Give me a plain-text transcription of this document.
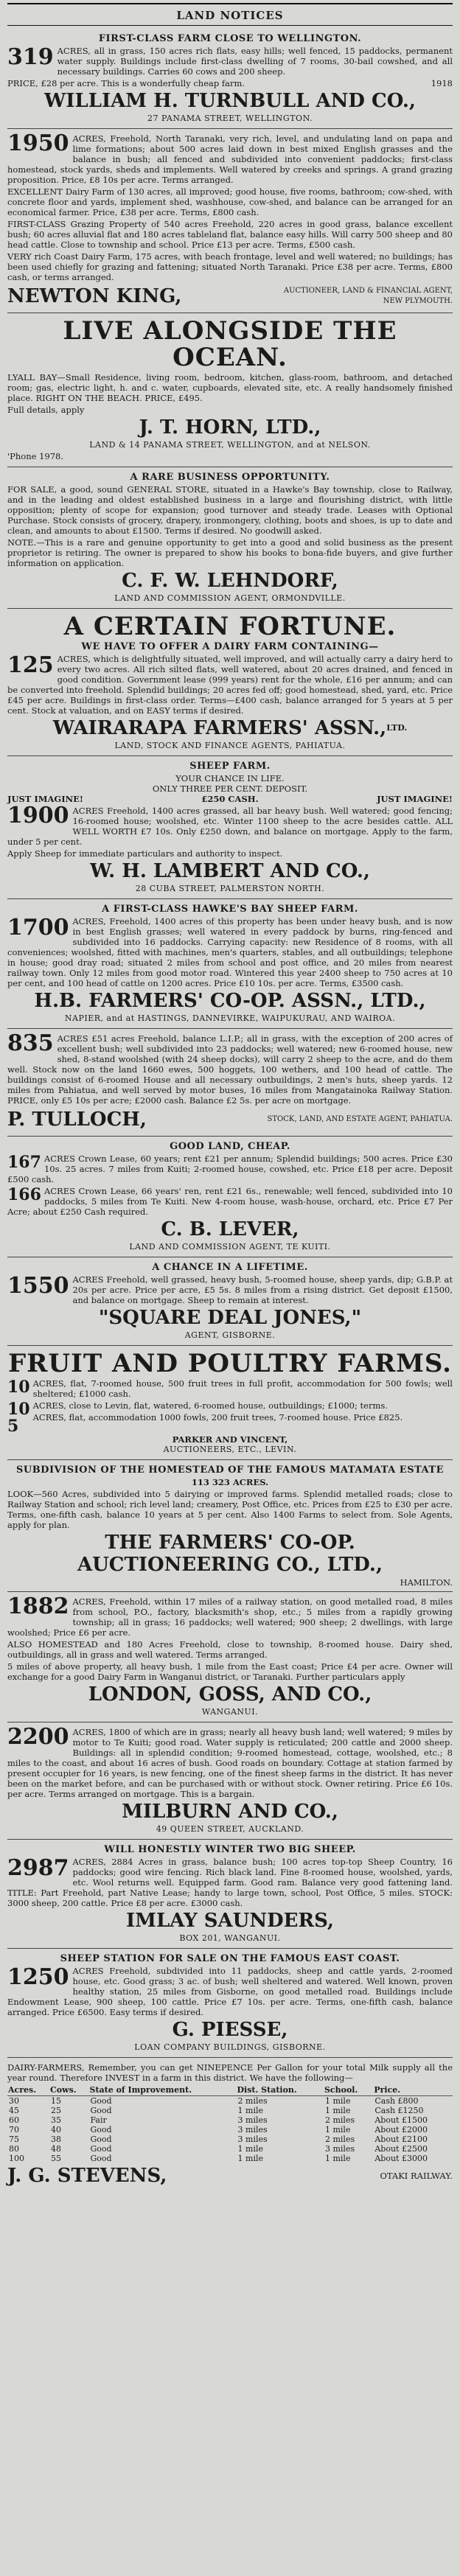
LAND NOTICES
FIRST-CLASS FARM CLOSE TO WELLINGTON.
319 ACRES, all in grass, 150 acres rich flats, easy hills; well fenced, 15 paddocks, permanent water supply. Buildings include first-class dwelling of 7 rooms, 30-bail cowshed, and all necessary buildings. Carries 60 cows and 200 sheep.
PRICE, £28 per acre. This is a wonderfully cheap farm.	1918
WILLIAM H. TURNBULL AND CO.,
27 PANAMA STREET, WELLINGTON.
1950 ACRES, Freehold, North Taranaki, very rich, level, and undulating land on papa and lime formations; about 500 acres laid down in best mixed English grasses and the balance in bush; all fenced and subdivided into convenient paddocks; first-class homestead, stock yards, sheds and implements. Well watered by creeks and springs. A grand grazing proposition. Price, £8 10s per acre. Terms arranged.
EXCELLENT Dairy Farm of 130 acres, all improved; good house, five rooms, bathroom; cow-shed, with concrete floor and yards, implement shed, washhouse, cow-shed, and balance can be arranged for an economical farmer. Price, £38 per acre. Terms, £800 cash.
FIRST-CLASS Grazing Property of 540 acres Freehold, 220 acres in good grass, balance excellent bush; 60 acres alluvial flat and 180 acres tableland flat, balance easy hills. Will carry 500 sheep and 80 head cattle. Close to township and school. Price £13 per acre. Terms, £500 cash.
VERY rich Coast Dairy Farm, 175 acres, with beach frontage, level and well watered; no buildings; has been used chiefly for grazing and fattening; situated North Taranaki. Price £38 per acre. Terms, £800 cash, or terms arranged.
NEWTON KING,	AUCTIONEER, LAND & FINANCIAL AGENT, NEW PLYMOUTH.
LIVE ALONGSIDE THE OCEAN.
LYALL BAY—Small Residence, living room, bedroom, kitchen, glass-room, bathroom, and detached room; gas, electric light, h. and c. water, cupboards, elevated site, etc. A really handsomely finished place. RIGHT ON THE BEACH. PRICE, £495.
Full details, apply
J. T. HORN, LTD.,
LAND & 14 PANAMA STREET, WELLINGTON, and at NELSON.
'Phone 1978.
A RARE BUSINESS OPPORTUNITY.
FOR SALE, a good, sound GENERAL STORE, situated in a Hawke's Bay township, close to Railway, and in the leading and oldest established business in a large and flourishing district, with little opposition; plenty of scope for expansion; good turnover and steady trade. Leases with Optional Purchase. Stock consists of grocery, drapery, ironmongery, clothing, boots and shoes, is up to date and clean, and amounts to about £1500. Terms if desired. No goodwill asked.
NOTE.—This is a rare and genuine opportunity to get into a good and solid business as the present proprietor is retiring. The owner is prepared to show his books to bona-fide buyers, and give further information on application.
C. F. W. LEHNDORF,
LAND AND COMMISSION AGENT, ORMONDVILLE.
A CERTAIN FORTUNE.
WE HAVE TO OFFER A DAIRY FARM CONTAINING—
125 ACRES, which is delightfully situated, well improved, and will actually carry a dairy herd to every two acres. All rich silted flats, well watered, about 20 acres drained, and fenced in good condition. Government lease (999 years) rent for the whole, £16 per annum; and can be converted into freehold. Splendid buildings; 20 acres fed off; good homestead, shed, yard, etc. Price £45 per acre. Buildings in first-class order. Terms—£400 cash, balance arranged for 5 years at 5 per cent. Stock at valuation, and on EASY terms if desired.
WAIRARAPA FARMERS' ASSN.,$^{LTD.}$
LAND, STOCK AND FINANCE AGENTS, PAHIATUA.
SHEEP FARM.
YOUR CHANCE IN LIFE.
ONLY THREE PER CENT. DEPOSIT.
JUST IMAGINE!	£250 CASH.	JUST IMAGINE!
1900 ACRES Freehold, 1400 acres grassed, all bar heavy bush. Well watered; good fencing; 16-roomed house; woolshed, etc. Winter 1100 sheep to the acre besides cattle. ALL WELL WORTH £7 10s. Only £250 down, and balance on mortgage. Apply to the farm, under 5 per cent.
Apply Sheep for immediate particulars and authority to inspect.
W. H. LAMBERT AND CO.,
28 CUBA STREET, PALMERSTON NORTH.
A FIRST-CLASS HAWKE'S BAY SHEEP FARM.
1700 ACRES, Freehold, 1400 acres of this property has been under heavy bush, and is now in best English grasses; well watered in every paddock by burns, ring-fenced and subdivided into 16 paddocks. Carrying capacity: new Residence of 8 rooms, with all conveniences; woolshed, fitted with machines, men's quarters, stables, and all outbuildings; telephone in house; good dray road; situated 2 miles from school and post office, and 20 miles from nearest railway town. Only 12 miles from good motor road. Wintered this year 2400 sheep to 750 acres at 10 per cent, and 100 head of cattle on 1200 acres. Price £10 10s. per acre. Terms, £3500 cash.
H.B. FARMERS' CO-OP. ASSN., LTD.,
NAPIER, and at HASTINGS, DANNEVIRKE, WAIPUKURAU, AND WAIROA.
835 ACRES £51 acres Freehold, balance L.I.P.; all in grass, with the exception of 200 acres of excellent bush; well subdivided into 23 paddocks; well watered; new 6-roomed house, new shed, 8-stand woolshed (with 24 sheep docks), will carry 2 sheep to the acre, and do them well. Stock now on the land 1660 ewes, 500 hoggets, 100 wethers, and 100 head of cattle. The buildings consist of 6-roomed House and all necessary outbuildings, 2 men's huts, sheep yards. 12 miles from Pahiatua, and well served by motor buses, 16 miles from Mangatainoka Railway Station. PRICE, only £5 10s per acre; £2000 cash. Balance £2 5s. per acre on mortgage.
P. TULLOCH,	STOCK, LAND, AND ESTATE AGENT, PAHIATUA.
GOOD LAND, CHEAP.
167 ACRES Crown Lease, 60 years; rent £21 per annum; Splendid buildings; 500 acres. Price £30 10s. 25 acres. 7 miles from Kuiti; 2-roomed house, cowshed, etc. Price £18 per acre. Deposit £500 cash.
166 ACRES Crown Lease, 66 years' ren, rent £21 6s., renewable; well fenced, subdivided into 10 paddocks, 5 miles from Te Kuiti. New 4-room house, wash-house, orchard, etc. Price £7 Per Acre; about £250 Cash required.
C. B. LEVER,
LAND AND COMMISSION AGENT, TE KUITI.
A CHANCE IN A LIFETIME.
1550 ACRES Freehold, well grassed, heavy bush, 5-roomed house, sheep yards, dip; G.B.P. at 20s per acre. Price per acre, £5 5s. 8 miles from a rising district. Get deposit £1500, and balance on mortgage. Sheep to remain at interest.
"SQUARE DEAL JONES,"
AGENT, GISBORNE.
FRUIT AND POULTRY FARMS.
10 ACRES, flat, 7-roomed house, 500 fruit trees in full profit, accommodation for 500 fowls; well sheltered; £1000 cash.
10 ACRES, close to Levin, flat, watered, 6-roomed house, outbuildings; £1000; terms.
5	ACRES, flat, accommodation 1000 fowls, 200 fruit trees, 7-roomed house. Price £825.
PARKER AND VINCENT,
AUCTIONEERS, ETC., LEVIN.
SUBDIVISION OF THE HOMESTEAD OF THE FAMOUS MATAMATA ESTATE
113 323 ACRES.
LOOK—560 Acres, subdivided into 5 dairying or improved farms. Splendid metalled roads; close to Railway Station and school; rich level land; creamery, Post Office, etc. Prices from £25 to £30 per acre. Terms, one-fifth cash, balance 10 years at 5 per cent. Also 1400 Farms to select from. Sole Agents, apply for plan.
THE FARMERS' CO-OP. AUCTIONEERING CO., LTD.,
HAMILTON.
1882 ACRES, Freehold, within 17 miles of a railway station, on good metalled road, 8 miles from school, P.O., factory, blacksmith's shop, etc.; 5 miles from a rapidly growing township; all in grass; 16 paddocks; well watered; 900 sheep; 2 dwellings, with large woolshed; Price £6 per acre.
ALSO HOMESTEAD and 180 Acres Freehold, close to township, 8-roomed house. Dairy shed, outbuildings, all in grass and well watered. Terms arranged.
5 miles of above property, all heavy bush, 1 mile from the East coast; Price £4 per acre. Owner will exchange for a good Dairy Farm in Wanganui district, or Taranaki. Further particulars apply
LONDON, GOSS, AND CO.,
WANGANUI.
2200 ACRES, 1800 of which are in grass; nearly all heavy bush land; well watered; 9 miles by motor to Te Kuiti; good road. Water supply is reticulated; 200 cattle and 2000 sheep. Buildings: all in splendid condition; 9-roomed homestead, cottage, woolshed, etc.; 8 miles to the coast, and about 16 acres of bush. Good roads on boundary. Cottage at station farmed by present occupier for 16 years, is new fencing, one of the finest sheep farms in the district. It has never been on the market before, and can be purchased with or without stock. Owner retiring. Price £6 10s. per acre. Terms arranged on mortgage. This is a bargain.
MILBURN AND CO.,
49 QUEEN STREET, AUCKLAND.
WILL HONESTLY WINTER TWO BIG SHEEP.
2987 ACRES, 2884 Acres in grass, balance bush; 100 acres top-top Sheep Country, 16 paddocks; good wire fencing. Rich black land. Fine 8-roomed house, woolshed, yards, etc. Wool returns well. Equipped farm. Good ram. Balance very good fattening land. TITLE: Part Freehold, part Native Lease; handy to large town, school, Post Office, 5 miles. STOCK: 3000 sheep, 200 cattle. Price £8 per acre. £3000 cash.
IMLAY SAUNDERS,
BOX 201, WANGANUI.
SHEEP STATION FOR SALE ON THE FAMOUS EAST COAST.
1250 ACRES Freehold, subdivided into 11 paddocks, sheep and cattle yards, 2-roomed house, etc. Good grass; 3 ac. of bush; well sheltered and watered. Well known, proven healthy station, 25 miles from Gisborne, on good metalled road. Buildings include Endowment Lease, 900 sheep, 100 cattle. Price £7 10s. per acre. Terms, one-fifth cash, balance arranged. Price £6500. Easy terms if desired.
G. PIESSE,
LOAN COMPANY BUILDINGS, GISBORNE.
DAIRY-FARMERS, Remember, you can get NINEPENCE Per Gallon for your total Milk supply all the year round. Therefore INVEST in a farm in this district. We have the following—
Acres.	Cows.	State of Improvement.	Dist. Station.	School.	Price.
30	15	Good	2 miles	1 mile	Cash £800
45	25	Good	1 mile	1 mile	Cash £1250
60	35	Fair	3 miles	2 miles	About £1500
70	40	Good	3 miles	1 mile	About £2000
75	38	Good	3 miles	2 miles	About £2100
80	48	Good	1 mile	3 miles	About £2500
100	55	Good	1 mile	1 mile	About £3000
J. G. STEVENS,	OTAKI RAILWAY.
